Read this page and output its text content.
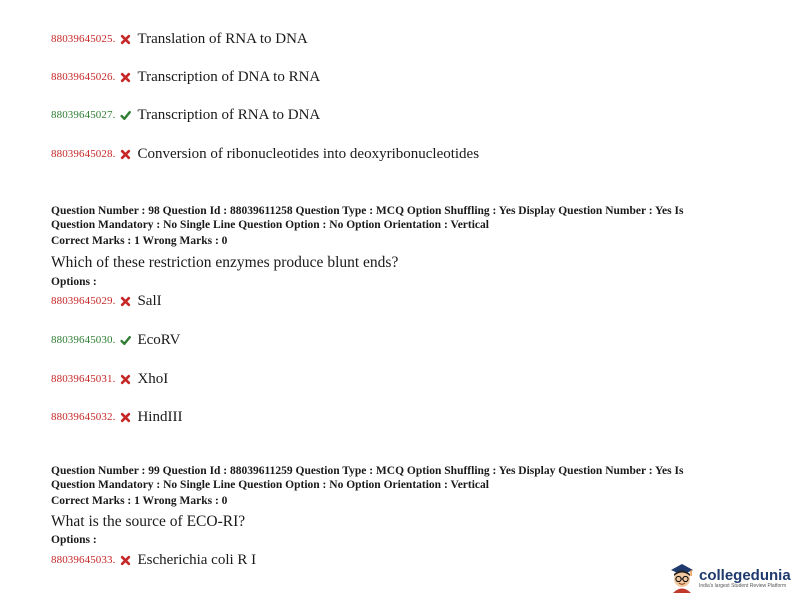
88039645025. Translation of RNA to DNA
88039645026. Transcription of DNA to RNA
88039645027. Transcription of RNA to DNA
88039645028. Conversion of ribonucleotides into deoxyribonucleotides
Question Number : 98 Question Id : 88039611258 Question Type : MCQ Option Shuffling : Yes Display Question Number : Yes Is
Question Mandatory : No Single Line Question Option : No Option Orientation : Vertical
Correct Marks : 1 Wrong Marks : 0
Which of these restriction enzymes produce blunt ends?
Options :
88039645029. SalI
88039645030. EcoRV
88039645031. XhoI
88039645032. HindIII
Question Number : 99 Question Id : 88039611259 Question Type : MCQ Option Shuffling : Yes Display Question Number : Yes Is
Question Mandatory : No Single Line Question Option : No Option Orientation : Vertical
Correct Marks : 1 Wrong Marks : 0
What is the source of ECO-RI?
Options :
88039645033. Escherichia coli R I
collegedunia
India's largest Student Review Platform
